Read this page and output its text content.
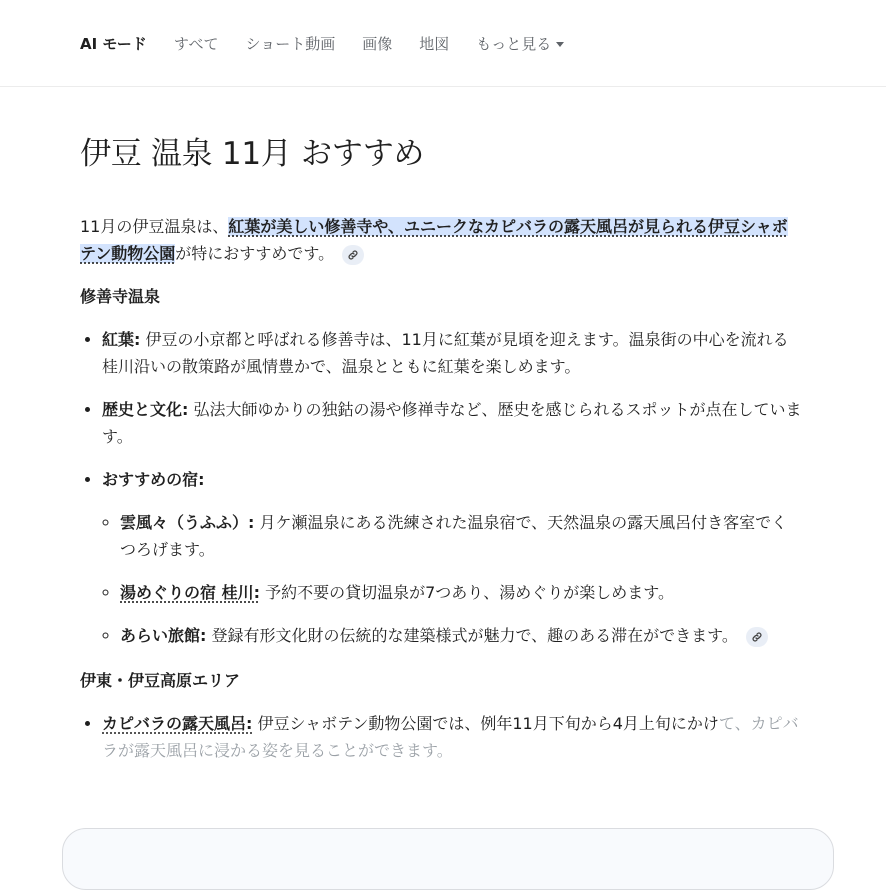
AI モード すべて ショート動画 画像 地図 もっと見る
伊豆 温泉 11月 おすすめ

11月の伊豆温泉は、紅葉が美しい修善寺や、ユニークなカピバラの露天風呂が見られる伊豆シャボテン動物公園が特におすすめです。

修善寺温泉
• 紅葉: 伊豆の小京都と呼ばれる修善寺は、11月に紅葉が見頃を迎えます。温泉街の中心を流れる桂川沿いの散策路が風情豊かで、温泉とともに紅葉を楽しめます。
• 歴史と文化: 弘法大師ゆかりの独鈷の湯や修禅寺など、歴史を感じられるスポットが点在しています。
• おすすめの宿:
◦ 雲風々（うふふ）: 月ケ瀬温泉にある洗練された温泉宿で、天然温泉の露天風呂付き客室でくつろげます。
◦ 湯めぐりの宿 桂川: 予約不要の貸切温泉が7つあり、湯めぐりが楽しめます。
◦ あらい旅館: 登録有形文化財の伝統的な建築様式が魅力で、趣のある滞在ができます。
伊東・伊豆高原エリア
• カピバラの露天風呂: 伊豆シャボテン動物公園では、例年11月下旬から4月上旬にかけて、カピバラが露天風呂に浸かる姿を見ることができます。
